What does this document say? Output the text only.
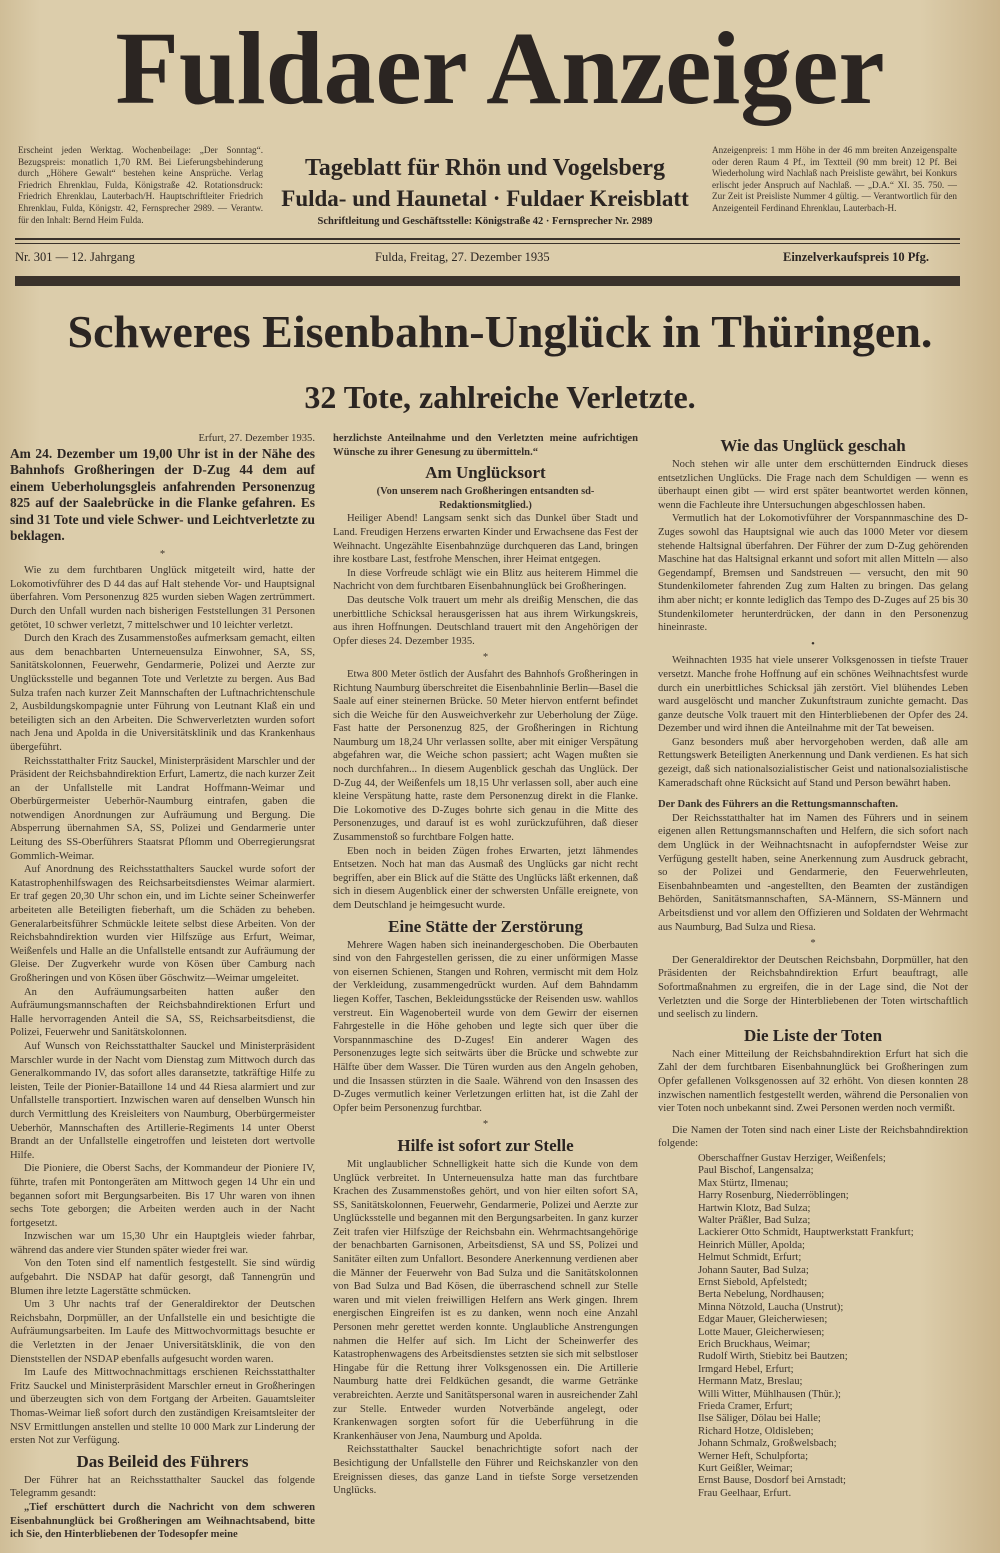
Fuldaer Anzeiger
Erscheint jeden Werktag. Wochenbeilage: „Der Sonntag“. Bezugspreis: monatlich 1,70 RM. Bei Lieferungsbehinderung durch „Höhere Gewalt“ bestehen keine Ansprüche. Verlag Friedrich Ehrenklau, Fulda, Königstraße 42. Rotationsdruck: Friedrich Ehrenklau, Lauterbach/H. Hauptschriftleiter Friedrich Ehrenklau, Fulda, Königstr. 42, Fernsprecher 2989. — Verantw. für den Inhalt: Bernd Heim Fulda.
Tageblatt für Rhön und Vogelsberg
Fulda- und Haunetal · Fuldaer Kreisblatt
Schriftleitung und Geschäftsstelle: Königstraße 42 · Fernsprecher Nr. 2989
Anzeigenpreis: 1 mm Höhe in der 46 mm breiten Anzeigenspalte oder deren Raum 4 Pf., im Textteil (90 mm breit) 12 Pf. Bei Wiederholung wird Nachlaß nach Preisliste gewährt, bei Konkurs erlischt jeder Anspruch auf Nachlaß. — „D.A.“ XI. 35. 750. — Zur Zeit ist Preisliste Nummer 4 gültig. — Verantwortlich für den Anzeigenteil Ferdinand Ehrenklau, Lauterbach-H.
Nr. 301 — 12. Jahrgang	Fulda, Freitag, 27. Dezember 1935	Einzelverkaufspreis 10 Pfg.
Schweres Eisenbahn-Unglück in Thüringen.
32 Tote, zahlreiche Verletzte.

Erfurt, 27. Dezember 1935.

Am 24. Dezember um 19,00 Uhr ist in der Nähe des Bahnhofs Großheringen der D-Zug 44 dem auf einem Ueberholungsgleis anfahrenden Personenzug 825 auf der Saalebrücke in die Flanke gefahren. Es sind 31 Tote und viele Schwer- und Leichtverletzte zu beklagen.

*

Wie zu dem furchtbaren Unglück mitgeteilt wird, hatte der Lokomotivführer des D 44 das auf Halt stehende Vor- und Hauptsignal überfahren. Vom Personenzug 825 wurden sieben Wagen zertrümmert. Durch den Unfall wurden nach bisherigen Feststellungen 31 Personen getötet, 10 schwer verletzt, 7 mittelschwer und 10 leichter verletzt.

Durch den Krach des Zusammenstoßes aufmerksam gemacht, eilten aus dem benachbarten Unterneuensulza Einwohner, SA, SS, Sanitätskolonnen, Feuerwehr, Gendarmerie, Polizei und Aerzte zur Unglücksstelle und begannen Tote und Verletzte zu bergen. Aus Bad Sulza trafen nach kurzer Zeit Mannschaften der Luftnachrichtenschule 2, Ausbildungskompagnie unter Führung von Leutnant Klaß ein und beteiligten sich an den Arbeiten. Die Schwerverletzten wurden sofort nach Jena und Apolda in die Universitätsklinik und das Krankenhaus übergeführt.

Reichsstatthalter Fritz Sauckel, Ministerpräsident Marschler und der Präsident der Reichsbahndirektion Erfurt, Lamertz, die nach kurzer Zeit an der Unfallstelle mit Landrat Hoffmann-Weimar und Oberbürgermeister Ueberhör-Naumburg eintrafen, gaben die notwendigen Anordnungen zur Aufräumung und Bergung. Die Absperrung übernahmen SA, SS, Polizei und Gendarmerie unter Leitung des SS-Oberführers Staatsrat Pflomm und Oberregierungsrat Gommlich-Weimar.

Auf Anordnung des Reichsstatthalters Sauckel wurde sofort der Katastrophenhilfswagen des Reichsarbeitsdienstes Weimar alarmiert. Er traf gegen 20,30 Uhr schon ein, und im Lichte seiner Scheinwerfer arbeiteten alle Beteiligten fieberhaft, um die Schäden zu beheben. Generalarbeitsführer Schmückle leitete selbst diese Arbeiten. Von der Reichsbahndirektion wurden vier Hilfszüge aus Erfurt, Weimar, Weißenfels und Halle an die Unfallstelle entsandt zur Aufräumung der Gleise. Der Zugverkehr wurde von Kösen über Camburg nach Großheringen und von Kösen über Göschwitz—Weimar umgeleitet.

An den Aufräumungsarbeiten hatten außer den Aufräumungsmannschaften der Reichsbahndirektionen Erfurt und Halle hervorragenden Anteil die SA, SS, Reichsarbeitsdienst, die Polizei, Feuerwehr und Sanitätskolonnen.

Auf Wunsch von Reichsstatthalter Sauckel und Ministerpräsident Marschler wurde in der Nacht vom Dienstag zum Mittwoch durch das Generalkommando IV, das sofort alles daransetzte, tatkräftige Hilfe zu leisten, Teile der Pionier-Bataillone 14 und 44 Riesa alarmiert und zur Unfallstelle transportiert. Inzwischen waren auf denselben Wunsch hin durch Vermittlung des Kreisleiters von Naumburg, Oberbürgermeister Ueberhör, Mannschaften des Artillerie-Regiments 14 unter Oberst Brandt an der Unfallstelle eingetroffen und leisteten dort wertvolle Hilfe.

Die Pioniere, die Oberst Sachs, der Kommandeur der Pioniere IV, führte, trafen mit Pontongeräten am Mittwoch gegen 14 Uhr ein und begannen sofort mit Bergungsarbeiten. Bis 17 Uhr waren von ihnen sechs Tote geborgen; die Arbeiten werden auch in der Nacht fortgesetzt.

Inzwischen war um 15,30 Uhr ein Hauptgleis wieder fahrbar, während das andere vier Stunden später wieder frei war.

Von den Toten sind elf namentlich festgestellt. Sie sind würdig aufgebahrt. Die NSDAP hat dafür gesorgt, daß Tannengrün und Blumen ihre letzte Lagerstätte schmücken.

Um 3 Uhr nachts traf der Generaldirektor der Deutschen Reichsbahn, Dorpmüller, an der Unfallstelle ein und besichtigte die Aufräumungsarbeiten. Im Laufe des Mittwochvormittags besuchte er die Verletzten in der Jenaer Universitätsklinik, die von den Dienststellen der NSDAP ebenfalls aufgesucht worden waren.

Im Laufe des Mittwochnachmittags erschienen Reichsstatthalter Fritz Sauckel und Ministerpräsident Marschler erneut in Großheringen und überzeugten sich von dem Fortgang der Arbeiten. Gauamtsleiter Thomas-Weimar ließ sofort durch den zuständigen Kreisamtsleiter der NSV Ermittlungen anstellen und stellte 10 000 Mark zur Linderung der ersten Not zur Verfügung.

Das Beileid des Führers

Der Führer hat an Reichsstatthalter Sauckel das folgende Telegramm gesandt:

„Tief erschüttert durch die Nachricht von dem schweren Eisenbahnunglück bei Großheringen am Weihnachtsabend, bitte ich Sie, den Hinterbliebenen der Todesopfer meine

herzlichste Anteilnahme und den Verletzten meine aufrichtigen Wünsche zu ihrer Genesung zu übermitteln.“

Am Unglücksort

(Von unserem nach Großheringen entsandten sd-Redaktionsmitglied.)

Heiliger Abend! Langsam senkt sich das Dunkel über Stadt und Land. Freudigen Herzens erwarten Kinder und Erwachsene das Fest der Weihnacht. Ungezählte Eisenbahnzüge durchqueren das Land, bringen ihre kostbare Last, festfrohe Menschen, ihrer Heimat entgegen.

In diese Vorfreude schlägt wie ein Blitz aus heiterem Himmel die Nachricht von dem furchtbaren Eisenbahnunglück bei Großheringen.

Das deutsche Volk trauert um mehr als dreißig Menschen, die das unerbittliche Schicksal herausgerissen hat aus ihrem Wirkungskreis, aus ihren Hoffnungen. Deutschland trauert mit den Angehörigen der Opfer dieses 24. Dezember 1935.

*

Etwa 800 Meter östlich der Ausfahrt des Bahnhofs Großheringen in Richtung Naumburg überschreitet die Eisenbahnlinie Berlin—Basel die Saale auf einer steinernen Brücke. 50 Meter hiervon entfernt befindet sich die Weiche für den Ausweichverkehr zur Ueberholung der Züge. Fast hatte der Personenzug 825, der Großheringen in Richtung Naumburg um 18,24 Uhr verlassen sollte, aber mit einiger Verspätung abgefahren war, die Weiche schon passiert; acht Wagen mußten sie noch durchfahren... In diesem Augenblick geschah das Unglück. Der D-Zug 44, der Weißenfels um 18,15 Uhr verlassen soll, aber auch eine kleine Verspätung hatte, raste dem Personenzug direkt in die Flanke. Die Lokomotive des D-Zuges bohrte sich genau in die Mitte des Personenzuges, und darauf ist es wohl zurückzuführen, daß dieser Zusammenstoß so furchtbare Folgen hatte.

Eben noch in beiden Zügen frohes Erwarten, jetzt lähmendes Entsetzen. Noch hat man das Ausmaß des Unglücks gar nicht recht begriffen, aber ein Blick auf die Stätte des Unglücks läßt erkennen, daß sich in diesem Augenblick einer der schwersten Unfälle ereignete, von dem Deutschland je heimgesucht wurde.

Eine Stätte der Zerstörung

Mehrere Wagen haben sich ineinandergeschoben. Die Oberbauten sind von den Fahrgestellen gerissen, die zu einer unförmigen Masse von eisernen Schienen, Stangen und Rohren, vermischt mit dem Holz der Verkleidung, zusammengedrückt wurden. Auf dem Bahndamm liegen Koffer, Taschen, Bekleidungsstücke der Reisenden usw. wahllos verstreut. Ein Wagenoberteil wurde von dem Gewirr der eisernen Fahrgestelle in die Höhe gehoben und legte sich quer über die Vorspannmaschine des D-Zuges! Ein anderer Wagen des Personenzuges legte sich seitwärts über die Brücke und schwebte zur Hälfte über dem Wasser. Die Türen wurden aus den Angeln gehoben, und die Insassen stürzten in die Saale. Während von den Insassen des D-Zuges vermutlich keiner Verletzungen erlitten hat, ist die Zahl der Opfer beim Personenzug furchtbar.

*

Hilfe ist sofort zur Stelle

Mit unglaublicher Schnelligkeit hatte sich die Kunde von dem Unglück verbreitet. In Unterneuensulza hatte man das furchtbare Krachen des Zusammenstoßes gehört, und von hier eilten sofort SA, SS, Sanitätskolonnen, Feuerwehr, Gendarmerie, Polizei und Aerzte zur Unglücksstelle und begannen mit den Bergungsarbeiten. In ganz kurzer Zeit trafen vier Hilfszüge der Reichsbahn ein. Wehrmachtsangehörige der benachbarten Garnisonen, Arbeitsdienst, SA und SS, Polizei und Sanitäter eilten zum Unfallort. Besondere Anerkennung verdienen aber die Männer der Feuerwehr von Bad Sulza und die Sanitätskolonnen von Bad Sulza und Bad Kösen, die überraschend schnell zur Stelle waren und mit vielen freiwilligen Helfern ans Werk gingen. Ihrem energischen Eingreifen ist es zu danken, wenn noch eine Anzahl Personen mehr gerettet werden konnte. Unglaubliche Anstrengungen nahmen die Helfer auf sich. Im Licht der Scheinwerfer des Katastrophenwagens des Arbeitsdienstes setzten sie sich mit selbstloser Hingabe für die Rettung ihrer Volksgenossen ein. Die Artillerie Naumburg hatte drei Feldküchen gesandt, die warme Getränke verabreichten. Aerzte und Sanitätspersonal waren in ausreichender Zahl zur Stelle. Entweder wurden Notverbände angelegt, oder Krankenwagen sorgten sofort für die Ueberführung in die Krankenhäuser von Jena, Naumburg und Apolda.

Reichsstatthalter Sauckel benachrichtigte sofort nach der Besichtigung der Unfallstelle den Führer und Reichskanzler von den Ereignissen dieses, das ganze Land in tiefste Sorge versetzenden Unglücks.

Wie das Unglück geschah

Noch stehen wir alle unter dem erschütternden Eindruck dieses entsetzlichen Unglücks. Die Frage nach dem Schuldigen — wenn es überhaupt einen gibt — wird erst später beantwortet werden können, wenn die Fachleute ihre Untersuchungen abgeschlossen haben.

Vermutlich hat der Lokomotivführer der Vorspannmaschine des D-Zuges sowohl das Hauptsignal wie auch das 1000 Meter vor diesem stehende Haltsignal überfahren. Der Führer der zum D-Zug gehörenden Maschine hat das Haltsignal erkannt und sofort mit allen Mitteln — also Gegendampf, Bremsen und Sandstreuen — versucht, den mit 90 Stundenkilometer fahrenden Zug zum Halten zu bringen. Das gelang ihm aber nicht; er konnte lediglich das Tempo des D-Zuges auf 25 bis 30 Stundenkilometer herunterdrücken, der dann in den Personenzug hineinraste.

•

Weihnachten 1935 hat viele unserer Volksgenossen in tiefste Trauer versetzt. Manche frohe Hoffnung auf ein schönes Weihnachtsfest wurde durch ein unerbittliches Schicksal jäh zerstört. Viel blühendes Leben ward ausgelöscht und mancher Zukunftstraum zunichte gemacht. Das ganze deutsche Volk trauert mit den Hinterbliebenen der Opfer des 24. Dezember und wird ihnen die Anteilnahme mit der Tat beweisen.

Ganz besonders muß aber hervorgehoben werden, daß alle am Rettungswerk Beteiligten Anerkennung und Dank verdienen. Es hat sich gezeigt, daß sich nationalsozialistischer Geist und nationalsozialistische Kameradschaft ohne Rücksicht auf Stand und Person bewährt haben.

Der Dank des Führers an die Rettungsmannschaften.

Der Reichsstatthalter hat im Namen des Führers und in seinem eigenen allen Rettungsmannschaften und Helfern, die sich sofort nach dem Unglück in der Weihnachtsnacht in aufopferndster Weise zur Verfügung gestellt haben, seine Anerkennung zum Ausdruck gebracht, so der Polizei und Gendarmerie, den Feuerwehrleuten, Eisenbahnbeamten und -angestellten, den Beamten der zuständigen Behörden, Sanitätsmannschaften, SA-Männern, SS-Männern und Arbeitsdienst und vor allem den Offizieren und Soldaten der Wehrmacht aus Naumburg, Bad Sulza und Riesa.

*

Der Generaldirektor der Deutschen Reichsbahn, Dorpmüller, hat den Präsidenten der Reichsbahndirektion Erfurt beauftragt, alle Sofortmaßnahmen zu ergreifen, die in der Lage sind, die Not der Verletzten und die Sorge der Hinterbliebenen der Toten wirtschaftlich und seelisch zu lindern.

Die Liste der Toten

Nach einer Mitteilung der Reichsbahndirektion Erfurt hat sich die Zahl der dem furchtbaren Eisenbahnunglück bei Großheringen zum Opfer gefallenen Volksgenossen auf 32 erhöht. Von diesen konnten 28 inzwischen namentlich festgestellt werden, während die Personalien von vier Toten noch unbekannt sind. Zwei Personen werden noch vermißt.

Die Namen der Toten sind nach einer Liste der Reichsbahndirektion folgende:

Oberschaffner Gustav Herziger, Weißenfels;
Paul Bischof, Langensalza;
Max Stürtz, Ilmenau;
Harry Rosenburg, Niederröblingen;
Hartwin Klotz, Bad Sulza;
Walter Präßler, Bad Sulza;
Lackierer Otto Schmidt, Hauptwerkstatt Frankfurt;
Heinrich Müller, Apolda;
Helmut Schmidt, Erfurt;
Johann Sauter, Bad Sulza;
Ernst Siebold, Apfelstedt;
Berta Nebelung, Nordhausen;
Minna Nötzold, Laucha (Unstrut);
Edgar Mauer, Gleicherwiesen;
Lotte Mauer, Gleicherwiesen;
Erich Bruckhaus, Weimar;
Rudolf Wirth, Stiebitz bei Bautzen;
Irmgard Hebel, Erfurt;
Hermann Matz, Breslau;
Willi Witter, Mühlhausen (Thür.);
Frieda Cramer, Erfurt;
Ilse Säliger, Dölau bei Halle;
Richard Hotze, Oldisleben;
Johann Schmalz, Großwelsbach;
Werner Heft, Schulpforta;
Kurt Geißler, Weimar;
Ernst Bause, Dosdorf bei Arnstadt;
Frau Geelhaar, Erfurt.
